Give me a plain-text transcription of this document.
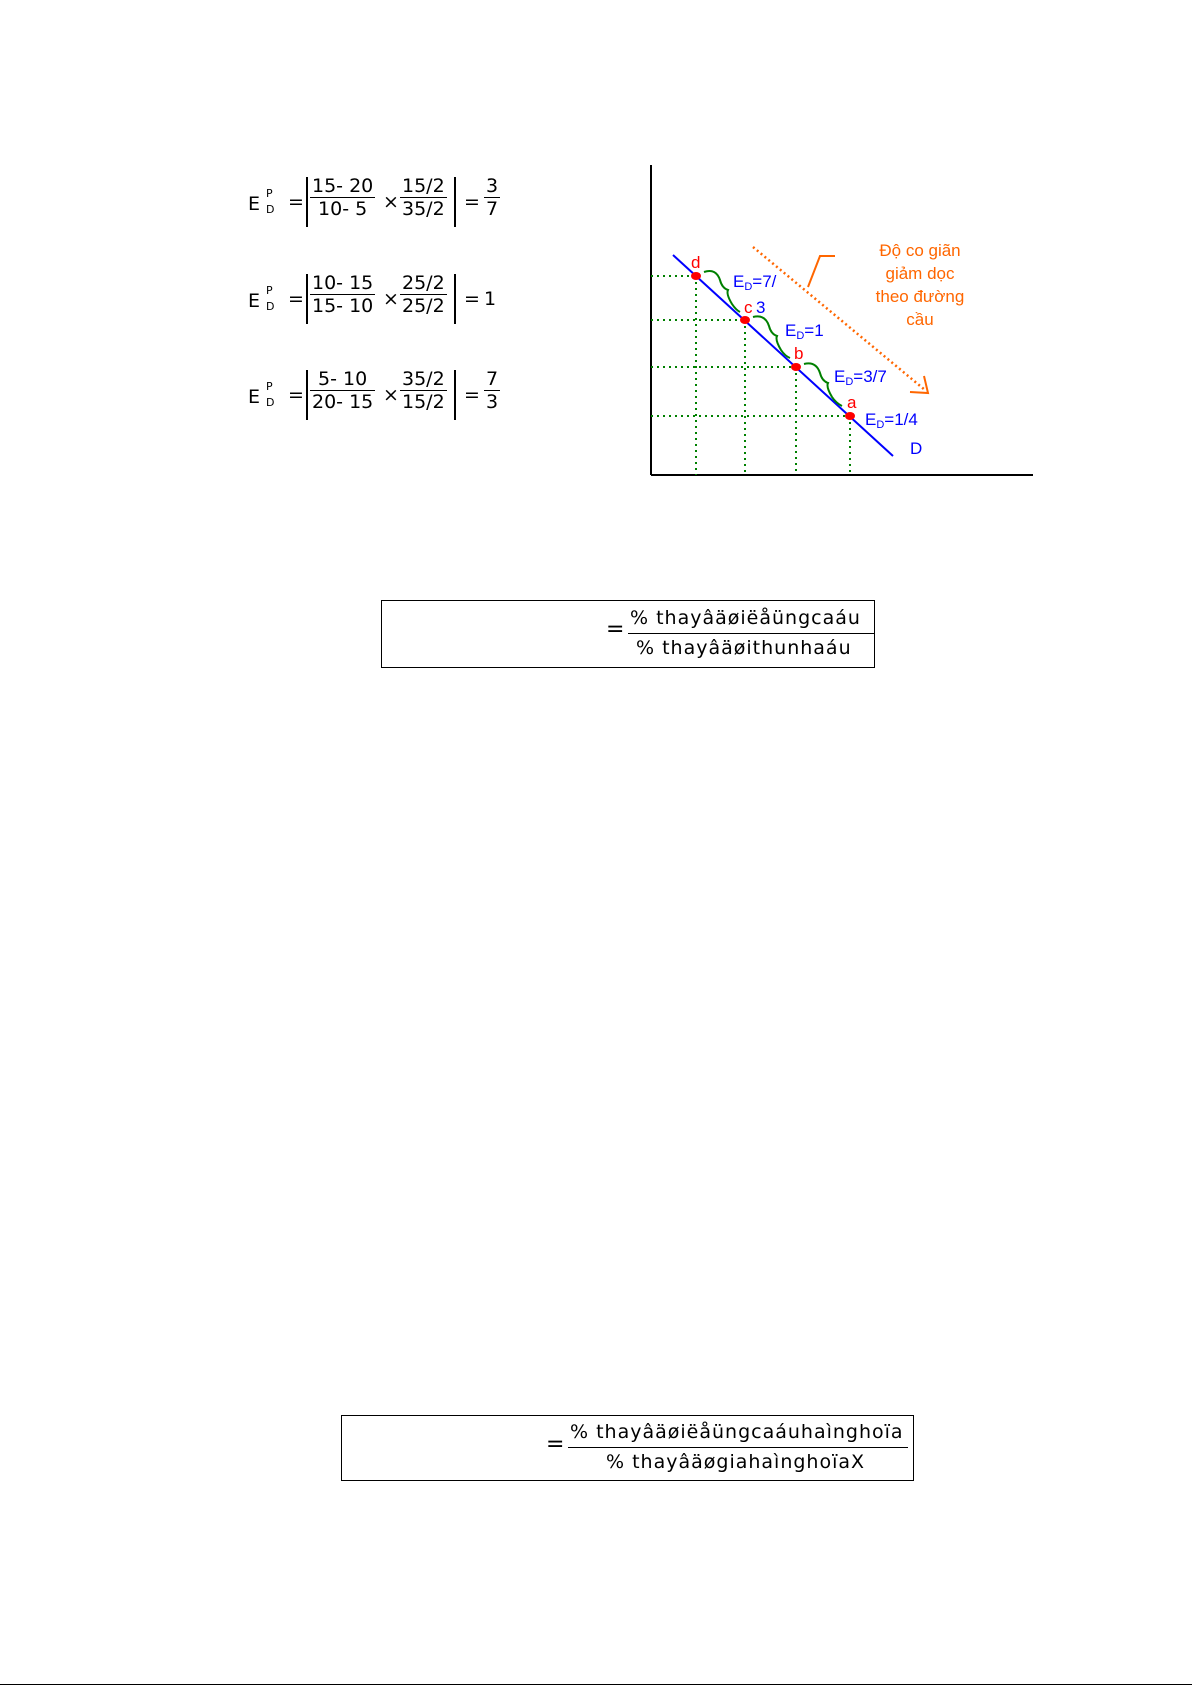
E P
$D = \frac{15- 20}{10- 5} \times \frac{15/2}{35/2} = \frac{3}{7}$
E P
$D = \frac{10- 15}{15- 10} \times \frac{25/2}{25/2} = 1$
E P
$D = \frac{5- 10}{20- 15} \times \frac{35/2}{15/2} = \frac{7}{3}$
d
c
b
a
3
ED=7/
ED=1
ED=3/7
ED=1/4
D
Độ co giãn
giảm dọc
theo đường
cầu
= % thayâäøiëåüngcaáu
% thayâäøithunhaáu
= % thayâäøiëåüngcaáuhaìnghoïa
% thayâäøgiahaìnghoïaX
